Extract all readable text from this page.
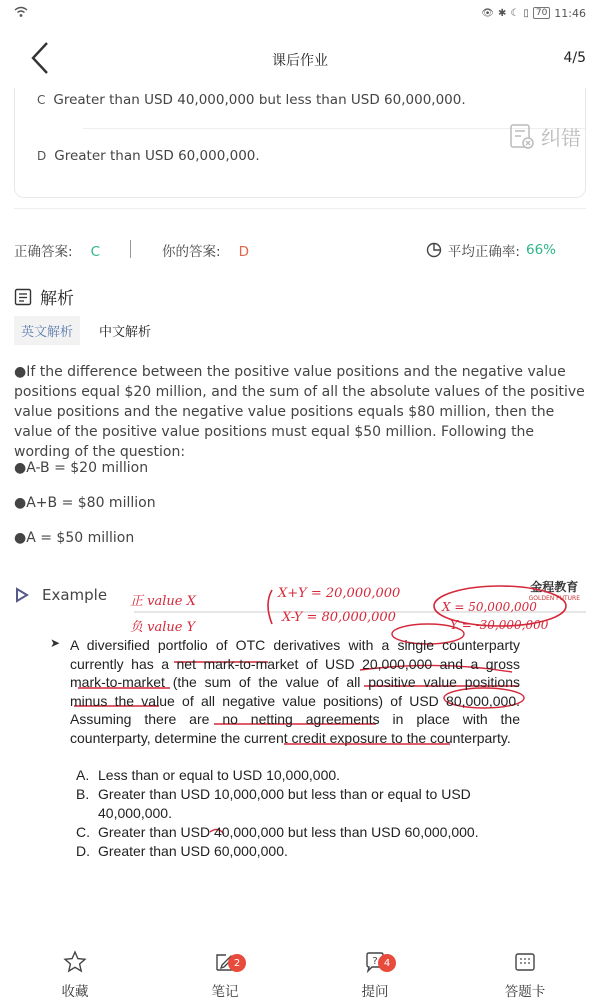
👁 ✱ ☾ ▯ 70 11:46
课后作业	4/5
C Greater than USD 40,000,000 but less than USD 60,000,000.
D Greater than USD 60,000,000.
纠错
正确答案: C	你的答案: D	平均正确率: 66%
解析
英文解析	中文解析
●If the difference between the positive value positions and the negative value positions equal $20 million, and the sum of all the absolute values of the positive value positions and the negative value positions equals $80 million, then the value of the positive value positions must equal $50 million. Following the wording of the question:
●A-B = $20 million
●A+B = $80 million
●A = $50 million
Example	金程教育
GOLDEN FUTURE
正 value X
负 value Y
X+Y = 20,000,000
X-Y = 80,000,000
X = 50,000,000
Y = -30,000,000
➤ A diversified portfolio of OTC derivatives with a single counterparty currently has a net mark-to-market of USD 20,000,000 and a gross mark-to-market (the sum of the value of all positive value positions minus the value of all negative value positions) of USD 80,000,000. Assuming there are no netting agreements in place with the counterparty, determine the current credit exposure to the counterparty.
A. Less than or equal to USD 10,000,000.
B. Greater than USD 10,000,000 but less than or equal to USD 40,000,000.
C. Greater than USD 40,000,000 but less than USD 60,000,000.
D. Greater than USD 60,000,000.
收藏
2
笔记
? 4
提问	答题卡
